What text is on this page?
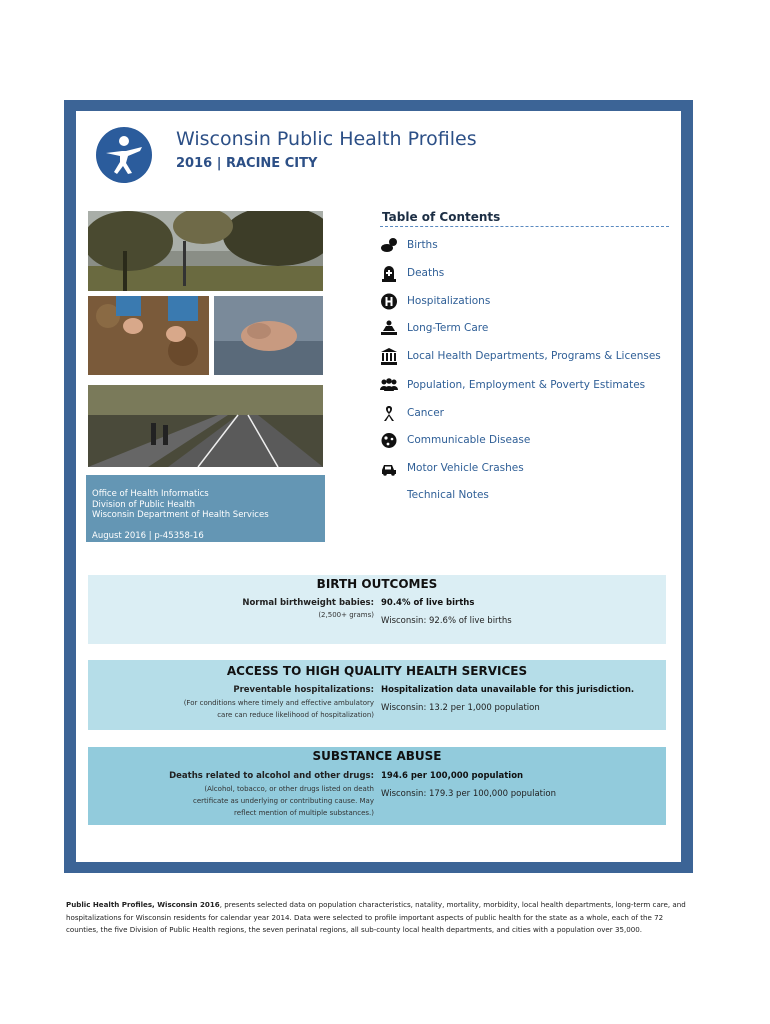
Wisconsin Public Health Profiles
2016 | RACINE CITY
Office of Health Informatics
Division of Public Health
Wisconsin Department of Health Services
August 2016 | p-45358-16
Table of Contents
Births
Deaths
Hospitalizations
Long-Term Care
Local Health Departments, Programs & Licenses
Population, Employment & Poverty Estimates
Cancer
Communicable Disease
Motor Vehicle Crashes
Technical Notes
BIRTH OUTCOMES
Normal birthweight babies:
(2,500+ grams)
90.4% of live births
Wisconsin: 92.6% of live births
ACCESS TO HIGH QUALITY HEALTH SERVICES
Preventable hospitalizations:
(For conditions where timely and effective ambulatory care can reduce likelihood of hospitalization)
Hospitalization data unavailable for this jurisdiction.
Wisconsin: 13.2 per 1,000 population
SUBSTANCE ABUSE
Deaths related to alcohol and other drugs:
(Alcohol, tobacco, or other drugs listed on death certificate as underlying or contributing cause. May reflect mention of multiple substances.)
194.6 per 100,000 population
Wisconsin: 179.3 per 100,000 population
Public Health Profiles, Wisconsin 2016, presents selected data on population characteristics, natality, mortality, morbidity, local health departments, long-term care, and hospitalizations for Wisconsin residents for calendar year 2014. Data were selected to profile important aspects of public health for the state as a whole, each of the 72 counties, the five Division of Public Health regions, the seven perinatal regions, all sub-county local health departments, and cities with a population over 35,000.
